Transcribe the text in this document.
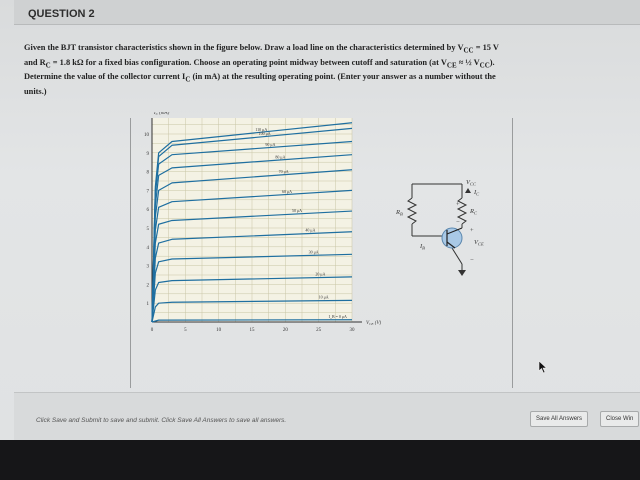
QUESTION 2

Given the BJT transistor characteristics shown in the figure below. Draw a load line on the characteristics determined by $V_{CC} = 15$ V

and $R_C = 1.8$ kΩ for a fixed bias configuration. Choose an operating point midway between cutoff and saturation (at $V_{CE}$ ≈ ½ $V_{CC}$).

Determine the value of the collector current $I_C$ (in mA) at the resulting operating point. (Enter your answer as a number without the

units.)

0	5	10	15	20	25	30
1
2
3
4
5
6
7
8
9
10
$I_C$ (mA)
$V_{CE}$ (V)
110 μA
100 μA
90 μA
80 μA
70 μA
60 μA
50 μA
40 μA
30 μA
20 μA
10 μA
I_B = 0 μA
$V_{CC}$
$I_C$
$R_C$
$R_B$
$I_B$
$V_{CE}$
+
−
+
−
Click Save and Submit to save and submit. Click Save All Answers to save all answers.	Save All Answers	Close Win
